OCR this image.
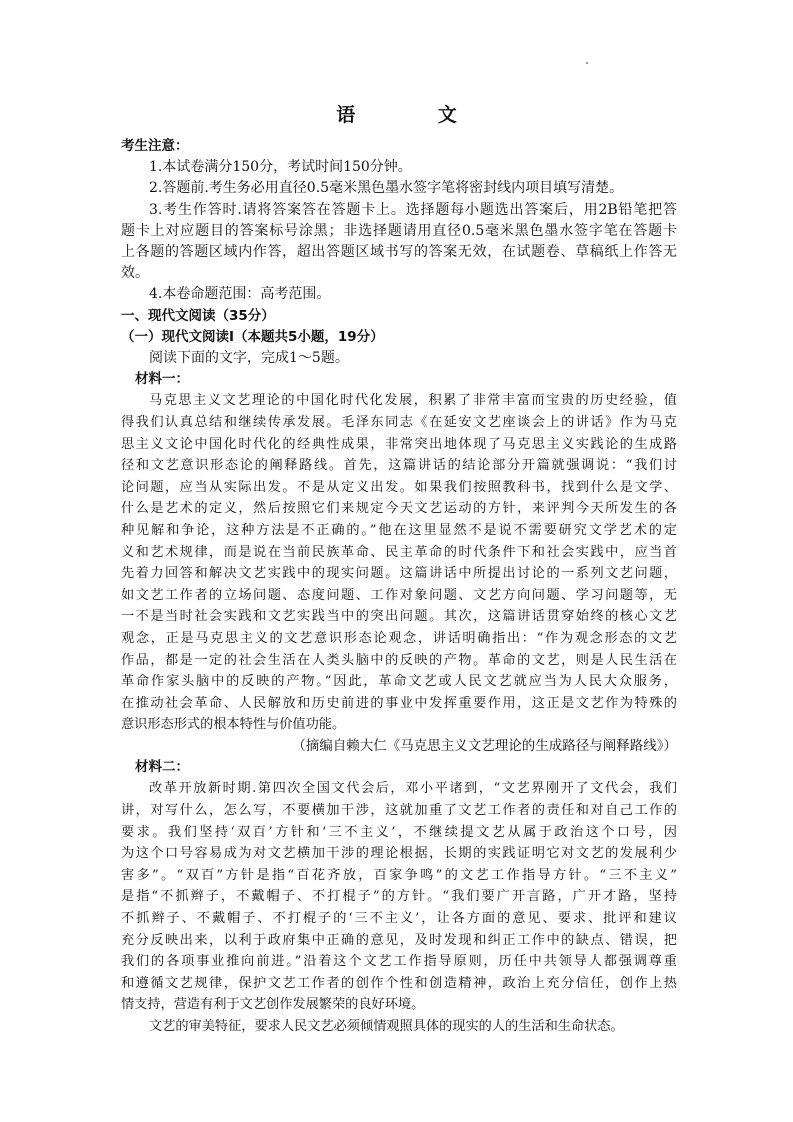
语 文
考生注意：
1.本试卷满分150分，考试时间150分钟。
2.答题前.考生务必用直径0.5毫米黑色墨水签字笔将密封线内项目填写清楚。
3.考生作答时.请将答案答在答题卡上。选择题每小题选出答案后，用2B铅笔把答
题卡上对应题目的答案标号涂黑；非选择题请用直径0.5毫米黑色墨水签字笔在答题卡
上各题的答题区域内作答，超出答题区域书写的答案无效，在试题卷、草稿纸上作答无
效。
4.本卷命题范围：高考范围。
一、现代文阅读（35分）
（一）现代文阅读Ⅰ（本题共5小题，19分）
阅读下面的文字，完成1～5题。
材料一：
马克思主义文艺理论的中国化时代化发展，积累了非常丰富而宝贵的历史经验，值
得我们认真总结和继续传承发展。毛泽东同志《在延安文艺座谈会上的讲话》作为马克
思主义文论中国化时代化的经典性成果，非常突出地体现了马克思主义实践论的生成路
径和文艺意识形态论的阐释路线。首先，这篇讲话的结论部分开篇就强调说：“我们讨
论问题，应当从实际出发。不是从定义出发。如果我们按照教科书，找到什么是文学、
什么是艺术的定义，然后按照它们来规定今天文艺运动的方针，来评判今天所发生的各
种见解和争论，这种方法是不正确的。”他在这里显然不是说不需要研究文学艺术的定
义和艺术规律，而是说在当前民族革命、民主革命的时代条件下和社会实践中，应当首
先着力回答和解决文艺实践中的现实问题。这篇讲话中所提出讨论的一系列文艺问题，
如文艺工作者的立场问题、态度问题、工作对象问题、文艺方向问题、学习问题等，无
一不是当时社会实践和文艺实践当中的突出问题。其次，这篇讲话贯穿始终的核心文艺
观念，正是马克思主义的文艺意识形态论观念，讲话明确指出：“作为观念形态的文艺
作品，都是一定的社会生活在人类头脑中的反映的产物。革命的文艺，则是人民生活在
革命作家头脑中的反映的产物。”因此，革命文艺或人民文艺就应当为人民大众服务，
在推动社会革命、人民解放和历史前进的事业中发挥重要作用，这正是文艺作为特殊的
意识形态形式的根本特性与价值功能。
（摘编自赖大仁《马克思主义文艺理论的生成路径与阐释路线》）
材料二：
改革开放新时期.第四次全国文代会后，邓小平诸到，“文艺界刚开了文代会，我们
讲，对写什么，怎么写，不要横加干涉，这就加重了文艺工作者的责任和对自己工作的
要求。我们坚持‘双百’方针和‘三不主义’，不继续提文艺从属于政治这个口号，因
为这个口号容易成为对文艺横加干涉的理论根据，长期的实践证明它对文艺的发展利少
害多”。“双百”方针是指“百花齐放，百家争鸣”的文艺工作指导方针。“三不主义”
是指“不抓辫子，不戴帽子、不打棍子”的方针。“我们要广开言路，广开才路，坚持
不抓辫子、不戴帽子、不打棍子的‘三不主义’，让各方面的意见、要求、批评和建议
充分反映出来，以利于政府集中正确的意见，及时发现和纠正工作中的缺点、错误，把
我们的各项事业推向前进。”沿着这个文艺工作指导原则，历任中共领导人都强调尊重
和遵循文艺规律，保护文艺工作者的创作个性和创造精神，政治上充分信任，创作上热
情支持，营造有利于文艺创作发展繁荣的良好环境。
文艺的审美特征，要求人民文艺必须倾情观照具体的现实的人的生活和生命状态。
